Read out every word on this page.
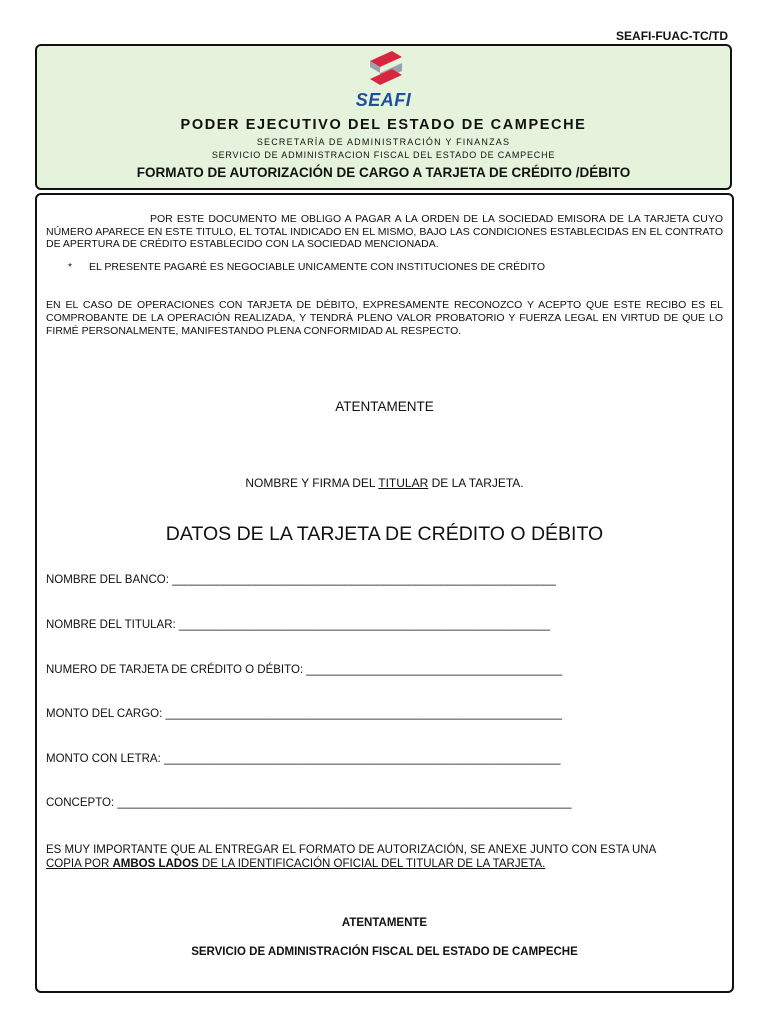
SEAFI-FUAC-TC/TD
SEAFI
PODER EJECUTIVO DEL ESTADO DE CAMPECHE
SECRETARÍA DE ADMINISTRACIÓN Y FINANZAS
SERVICIO DE ADMINISTRACION FISCAL DEL ESTADO DE CAMPECHE
FORMATO DE AUTORIZACIÓN DE CARGO A TARJETA DE CRÉDITO /DÉBITO
POR ESTE DOCUMENTO ME OBLIGO A PAGAR A LA ORDEN DE LA SOCIEDAD EMISORA DE LA TARJETA CUYO NÚMERO APARECE EN ESTE TITULO, EL TOTAL INDICADO EN EL MISMO, BAJO LAS CONDICIONES ESTABLECIDAS EN EL CONTRATO DE APERTURA DE CRÉDITO ESTABLECIDO CON LA SOCIEDAD MENCIONADA.
* EL PRESENTE PAGARÉ ES NEGOCIABLE UNICAMENTE CON INSTITUCIONES DE CRÉDITO
EN EL CASO DE OPERACIONES CON TARJETA DE DÉBITO, EXPRESAMENTE RECONOZCO Y ACEPTO QUE ESTE RECIBO ES EL COMPROBANTE DE LA OPERACIÓN REALIZADA, Y TENDRÁ PLENO VALOR PROBATORIO Y FUERZA LEGAL EN VIRTUD DE QUE LO FIRMÉ PERSONALMENTE, MANIFESTANDO PLENA CONFORMIDAD AL RESPECTO.
ATENTAMENTE
NOMBRE Y FIRMA DEL TITULAR DE LA TARJETA.
DATOS DE LA TARJETA DE CRÉDITO O DÉBITO
NOMBRE DEL BANCO: ____________________________________________________________
NOMBRE DEL TITULAR: __________________________________________________________
NUMERO DE TARJETA DE CRÉDITO O DÉBITO: ________________________________________
MONTO DEL CARGO: ______________________________________________________________
MONTO CON LETRA: ______________________________________________________________
CONCEPTO: _______________________________________________________________________
ES MUY IMPORTANTE QUE AL ENTREGAR EL FORMATO DE AUTORIZACIÓN, SE ANEXE JUNTO CON ESTA UNA
COPIA POR AMBOS LADOS DE LA IDENTIFICACIÓN OFICIAL DEL TITULAR DE LA TARJETA.
ATENTAMENTE
SERVICIO DE ADMINISTRACIÓN FISCAL DEL ESTADO DE CAMPECHE
